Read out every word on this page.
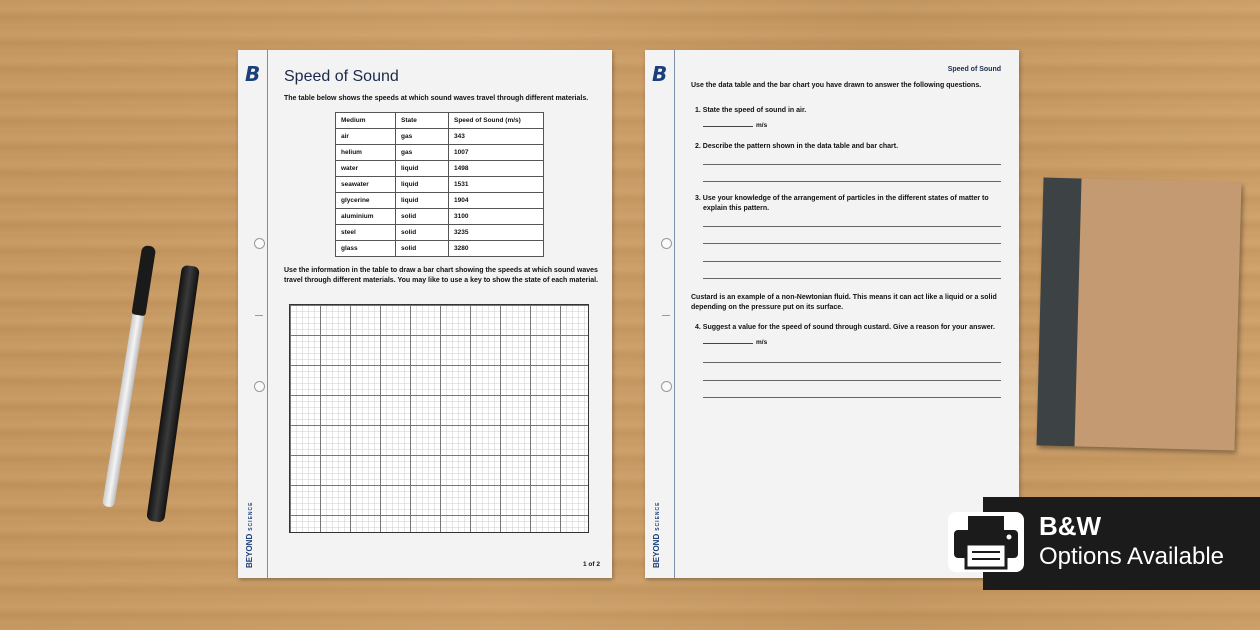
B
BEYONDSCIENCE
Speed of Sound
The table below shows the speeds at which sound waves travel through different materials.
Medium	State	Speed of Sound (m/s)
air	gas	343
helium	gas	1007
water	liquid	1498
seawater	liquid	1531
glycerine	liquid	1904
aluminium	solid	3100
steel	solid	3235
glass	solid	3280
Use the information in the table to draw a bar chart showing the speeds at which sound waves travel through different materials. You may like to use a key to show the state of each material.
1 of 2
B
BEYONDSCIENCE
Speed of Sound
Use the data table and the bar chart you have drawn to answer the following questions.
1. State the speed of sound in air.
m/s
2. Describe the pattern shown in the data table and bar chart.
3. Use your knowledge of the arrangement of particles in the different states of matter to explain this pattern.
Custard is an example of a non-Newtonian fluid. This means it can act like a liquid or a solid depending on the pressure put on its surface.
4. Suggest a value for the speed of sound through custard. Give a reason for your answer.
m/s
B&W
Options Available
